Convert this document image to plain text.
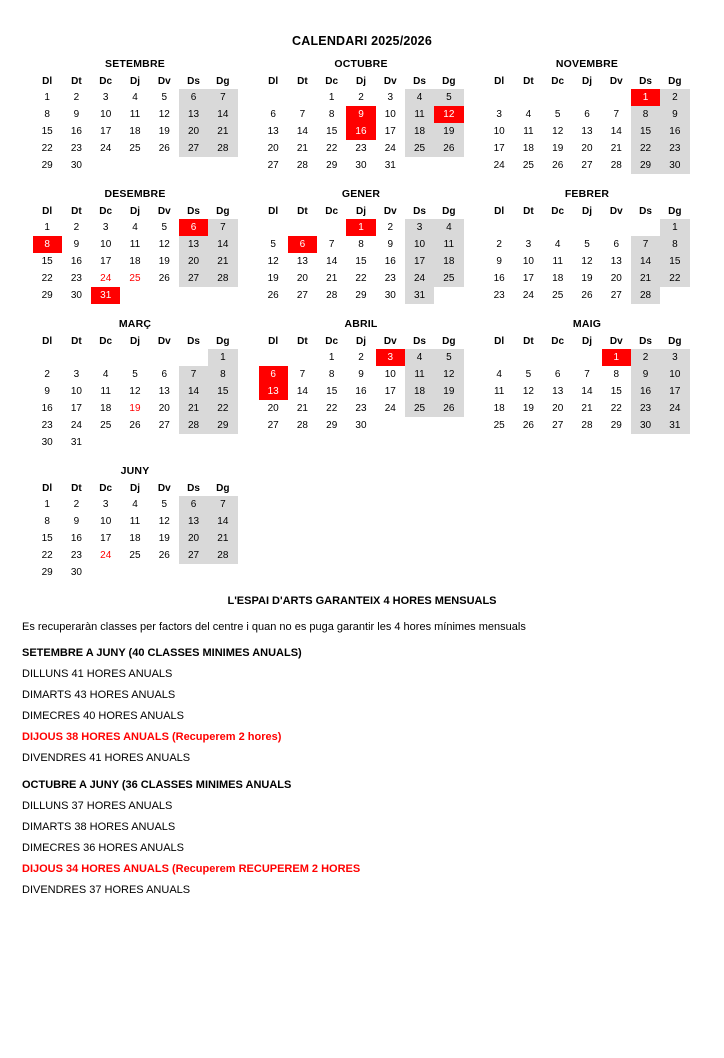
CALENDARI 2025/2026
SETEMBRE
Dl	Dt	Dc	Dj	Dv	Ds	Dg
1	2	3	4	5	6	7
8	9	10	11	12	13	14
15	16	17	18	19	20	21
22	23	24	25	26	27	28
29	30					
OCTUBRE
Dl	Dt	Dc	Dj	Dv	Ds	Dg
		1	2	3	4	5
6	7	8	9	10	11	12
13	14	15	16	17	18	19
20	21	22	23	24	25	26
27	28	29	30	31		
NOVEMBRE
Dl	Dt	Dc	Dj	Dv	Ds	Dg
					1	2
3	4	5	6	7	8	9
10	11	12	13	14	15	16
17	18	19	20	21	22	23
24	25	26	27	28	29	30
DESEMBRE
Dl	Dt	Dc	Dj	Dv	Ds	Dg
1	2	3	4	5	6	7
8	9	10	11	12	13	14
15	16	17	18	19	20	21
22	23	24	25	26	27	28
29	30	31				
GENER
Dl	Dt	Dc	Dj	Dv	Ds	Dg
			1	2	3	4
5	6	7	8	9	10	11
12	13	14	15	16	17	18
19	20	21	22	23	24	25
26	27	28	29	30	31	
FEBRER
Dl	Dt	Dc	Dj	Dv	Ds	Dg
						1
2	3	4	5	6	7	8
9	10	11	12	13	14	15
16	17	18	19	20	21	22
23	24	25	26	27	28	
MARÇ
Dl	Dt	Dc	Dj	Dv	Ds	Dg
						1
2	3	4	5	6	7	8
9	10	11	12	13	14	15
16	17	18	19	20	21	22
23	24	25	26	27	28	29
30	31					
ABRIL
Dl	Dt	Dc	Dj	Dv	Ds	Dg
		1	2	3	4	5
6	7	8	9	10	11	12
13	14	15	16	17	18	19
20	21	22	23	24	25	26
27	28	29	30			
MAIG
Dl	Dt	Dc	Dj	Dv	Ds	Dg
				1	2	3
4	5	6	7	8	9	10
11	12	13	14	15	16	17
18	19	20	21	22	23	24
25	26	27	28	29	30	31
JUNY
Dl	Dt	Dc	Dj	Dv	Ds	Dg
1	2	3	4	5	6	7
8	9	10	11	12	13	14
15	16	17	18	19	20	21
22	23	24	25	26	27	28
29	30					
L'ESPAI D'ARTS GARANTEIX 4 HORES MENSUALS
Es recuperaràn classes per factors del centre i quan no es puga garantir les 4 hores mínimes mensuals
SETEMBRE A JUNY (40 CLASSES MINIMES ANUALS)
DILLUNS 41 HORES ANUALS
DIMARTS 43 HORES ANUALS
DIMECRES 40 HORES ANUALS
DIJOUS 38 HORES ANUALS (Recuperem 2 hores)
DIVENDRES 41 HORES ANUALS
OCTUBRE A JUNY (36 CLASSES MINIMES ANUALS
DILLUNS 37 HORES ANUALS
DIMARTS 38 HORES ANUALS
DIMECRES 36 HORES ANUALS
DIJOUS 34 HORES ANUALS (Recuperem RECUPEREM 2 HORES
DIVENDRES 37 HORES ANUALS
